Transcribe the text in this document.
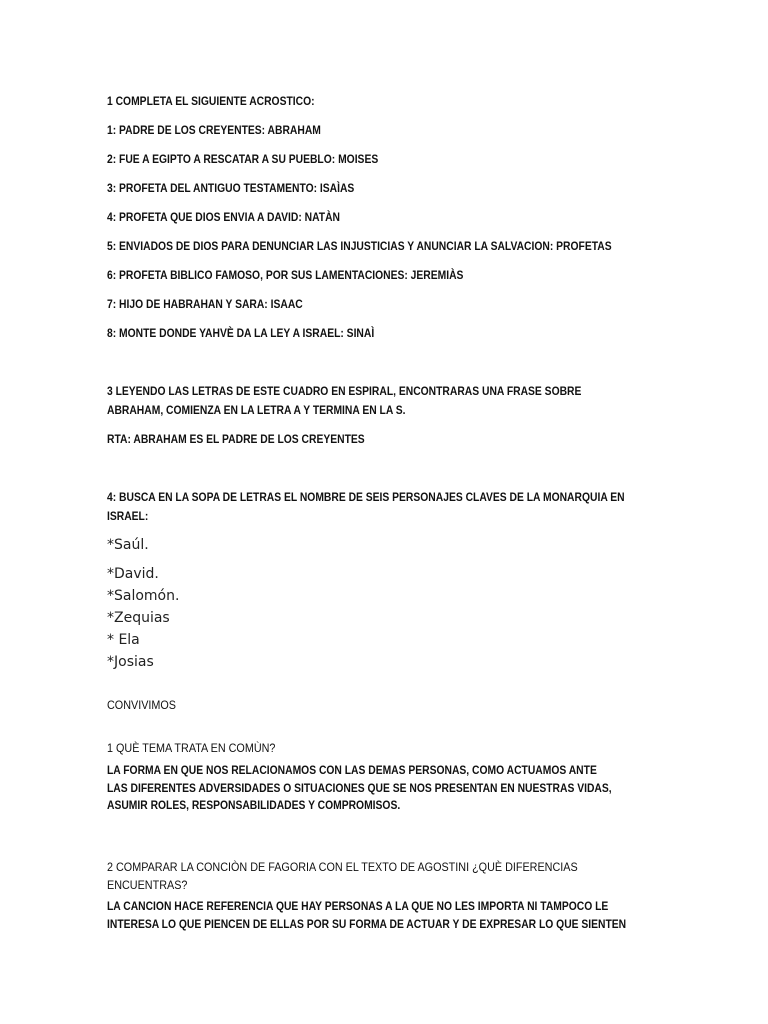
1 COMPLETA EL SIGUIENTE ACROSTICO:
1: PADRE DE LOS CREYENTES: ABRAHAM
2: FUE A EGIPTO A RESCATAR A SU PUEBLO: MOISES
3: PROFETA DEL ANTIGUO TESTAMENTO: ISAÌAS
4: PROFETA QUE DIOS ENVIA A DAVID: NATÀN
5: ENVIADOS DE DIOS PARA DENUNCIAR LAS INJUSTICIAS Y ANUNCIAR LA SALVACION: PROFETAS
6: PROFETA BIBLICO FAMOSO, POR SUS LAMENTACIONES: JEREMIÀS
7: HIJO DE HABRAHAN Y SARA: ISAAC
8: MONTE DONDE YAHVÈ DA LA LEY A ISRAEL: SINAÌ
3 LEYENDO LAS LETRAS DE ESTE CUADRO EN ESPIRAL, ENCONTRARAS UNA FRASE SOBRE
ABRAHAM, COMIENZA EN LA LETRA A Y TERMINA EN LA S.
RTA: ABRAHAM ES EL PADRE DE LOS CREYENTES
4: BUSCA EN LA SOPA DE LETRAS EL NOMBRE DE SEIS PERSONAJES CLAVES DE LA MONARQUIA EN
ISRAEL:
*Saúl.
*David.
*Salomón.
*Zequias
* Ela
*Josias
CONVIVIMOS
1 QUÈ TEMA TRATA EN COMÙN?
LA FORMA EN QUE NOS RELACIONAMOS CON LAS DEMAS PERSONAS, COMO ACTUAMOS ANTE
LAS DIFERENTES ADVERSIDADES O SITUACIONES QUE SE NOS PRESENTAN EN NUESTRAS VIDAS,
ASUMIR ROLES, RESPONSABILIDADES Y COMPROMISOS.
2 COMPARAR LA CONCIÒN DE FAGORIA CON EL TEXTO DE AGOSTINI ¿QUÈ DIFERENCIAS
ENCUENTRAS?
LA CANCION HACE REFERENCIA QUE HAY PERSONAS A LA QUE NO LES IMPORTA NI TAMPOCO LE
INTERESA LO QUE PIENCEN DE ELLAS POR SU FORMA DE ACTUAR Y DE EXPRESAR LO QUE SIENTEN
